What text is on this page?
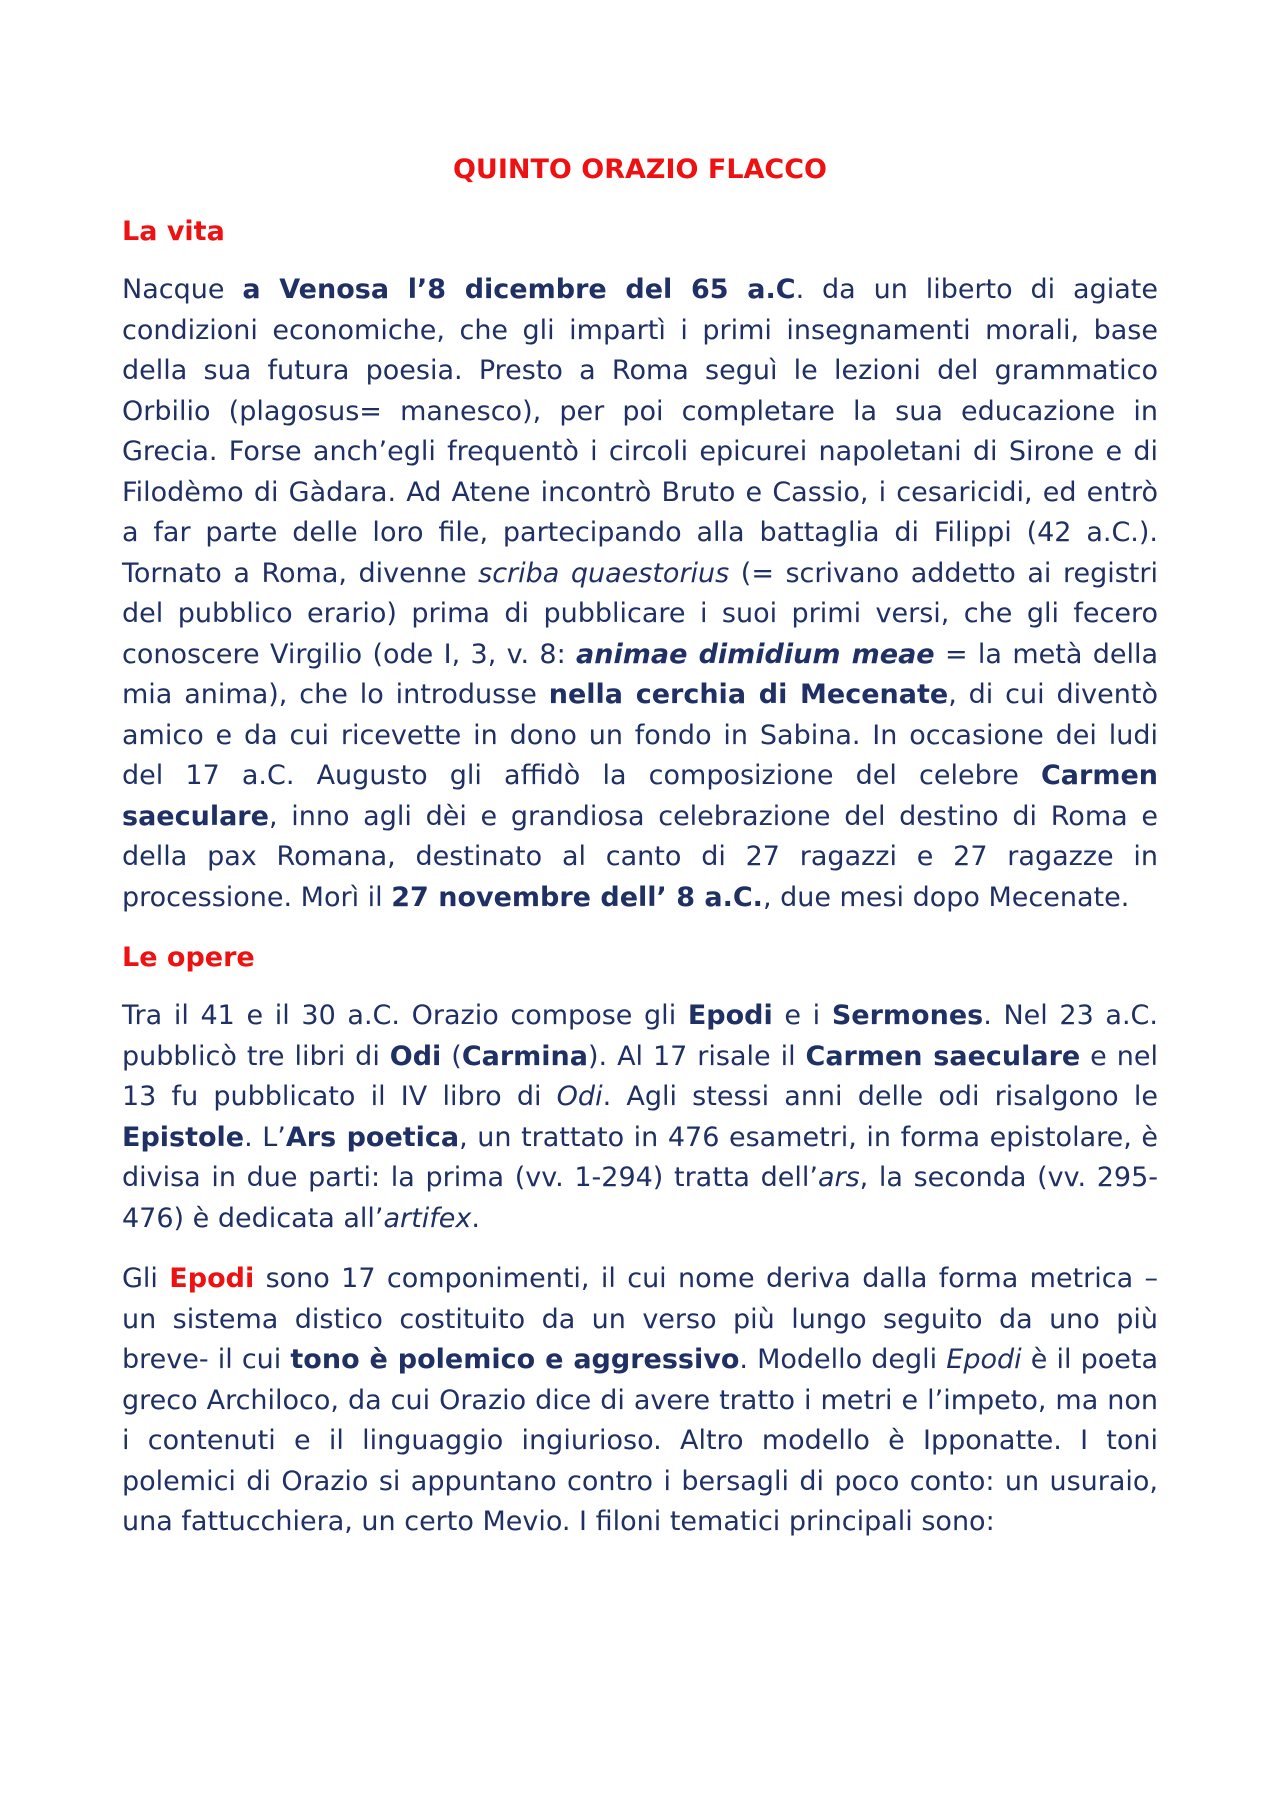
QUINTO ORAZIO FLACCO
La vita
Nacque a Venosa l’8 dicembre del 65 a.C. da un liberto di agiate condizioni economiche, che gli impartì i primi insegnamenti morali, base della sua futura poesia. Presto a Roma seguì le lezioni del grammatico Orbilio (plagosus= manesco), per poi completare la sua educazione in Grecia. Forse anch’egli frequentò i circoli epicurei napoletani di Sirone e di Filodèmo di Gàdara. Ad Atene incontrò Bruto e Cassio, i cesaricidi, ed entrò a far parte delle loro file, partecipando alla battaglia di Filippi (42 a.C.). Tornato a Roma, divenne scriba quaestorius (= scrivano addetto ai registri del pubblico erario) prima di pubblicare i suoi primi versi, che gli fecero conoscere Virgilio (ode I, 3, v. 8: animae dimidium meae = la metà della mia anima), che lo introdusse nella cerchia di Mecenate, di cui diventò amico e da cui ricevette in dono un fondo in Sabina. In occasione dei ludi del 17 a.C. Augusto gli affidò la composizione del celebre Carmen saeculare, inno agli dèi e grandiosa celebrazione del destino di Roma e della pax Romana, destinato al canto di 27 ragazzi e 27 ragazze in processione. Morì il 27 novembre dell’ 8 a.C., due mesi dopo Mecenate.
Le opere
Tra il 41 e il 30 a.C. Orazio compose gli Epodi e i Sermones. Nel 23 a.C. pubblicò tre libri di Odi (Carmina). Al 17 risale il Carmen saeculare e nel 13 fu pubblicato il IV libro di Odi. Agli stessi anni delle odi risalgono le Epistole. L’Ars poetica, un trattato in 476 esametri, in forma epistolare, è divisa in due parti: la prima (vv. 1-294) tratta dell’ars, la seconda (vv. 295-476) è dedicata all’artifex.
Gli Epodi sono 17 componimenti, il cui nome deriva dalla forma metrica – un sistema distico costituito da un verso più lungo seguito da uno più breve- il cui tono è polemico e aggressivo. Modello degli Epodi è il poeta greco Archiloco, da cui Orazio dice di avere tratto i metri e l’impeto, ma non i contenuti e il linguaggio ingiurioso. Altro modello è Ipponatte. I toni polemici di Orazio si appuntano contro i bersagli di poco conto: un usuraio, una fattucchiera, un certo Mevio. I filoni tematici principali sono:
